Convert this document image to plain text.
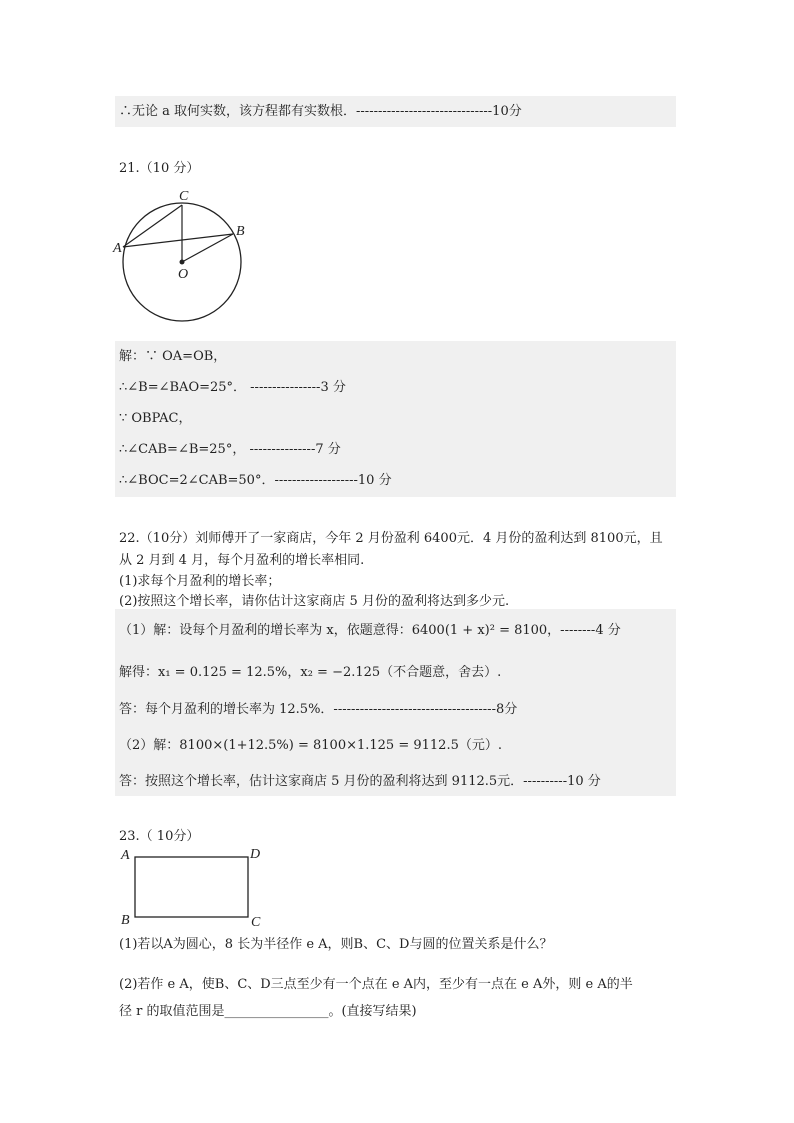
∴无论 a 取何实数，该方程都有实数根．-------------------------------10分
21.（10 分）
C
B
A
O
解：∵ OA=OB，
∴∠B=∠BAO=25°． ----------------3 分
∵ OBPAC，
∴∠CAB=∠B=25°， ---------------7 分
∴∠BOC=2∠CAB=50°．-------------------10 分
22.（10分）刘师傅开了一家商店，今年 2 月份盈利 6400元．4 月份的盈利达到 8100元，且
从 2 月到 4 月，每个月盈利的增长率相同.
(1)求每个月盈利的增长率；
(2)按照这个增长率，请你估计这家商店 5 月份的盈利将达到多少元.
（1）解：设每个月盈利的增长率为 x，依题意得：6400(1 + x)² = 8100，--------4 分
解得：x₁ = 0.125 = 12.5%，x₂ = −2.125（不合题意，舍去）.
答：每个月盈利的增长率为 12.5%．-------------------------------------8分
（2）解：8100×(1+12.5%) = 8100×1.125 = 9112.5（元）.
答：按照这个增长率，估计这家商店 5 月份的盈利将达到 9112.5元．----------10 分
23.（ 10分）
A	D
B	C
(1)若以A为圆心，8 长为半径作 e A，则B、C、D与圆的位置关系是什么？
(2)若作 e A，使B、C、D三点至少有一个点在 e A内，至少有一点在 e A外，则 e A的半
径 r 的取值范围是________________。(直接写结果)
